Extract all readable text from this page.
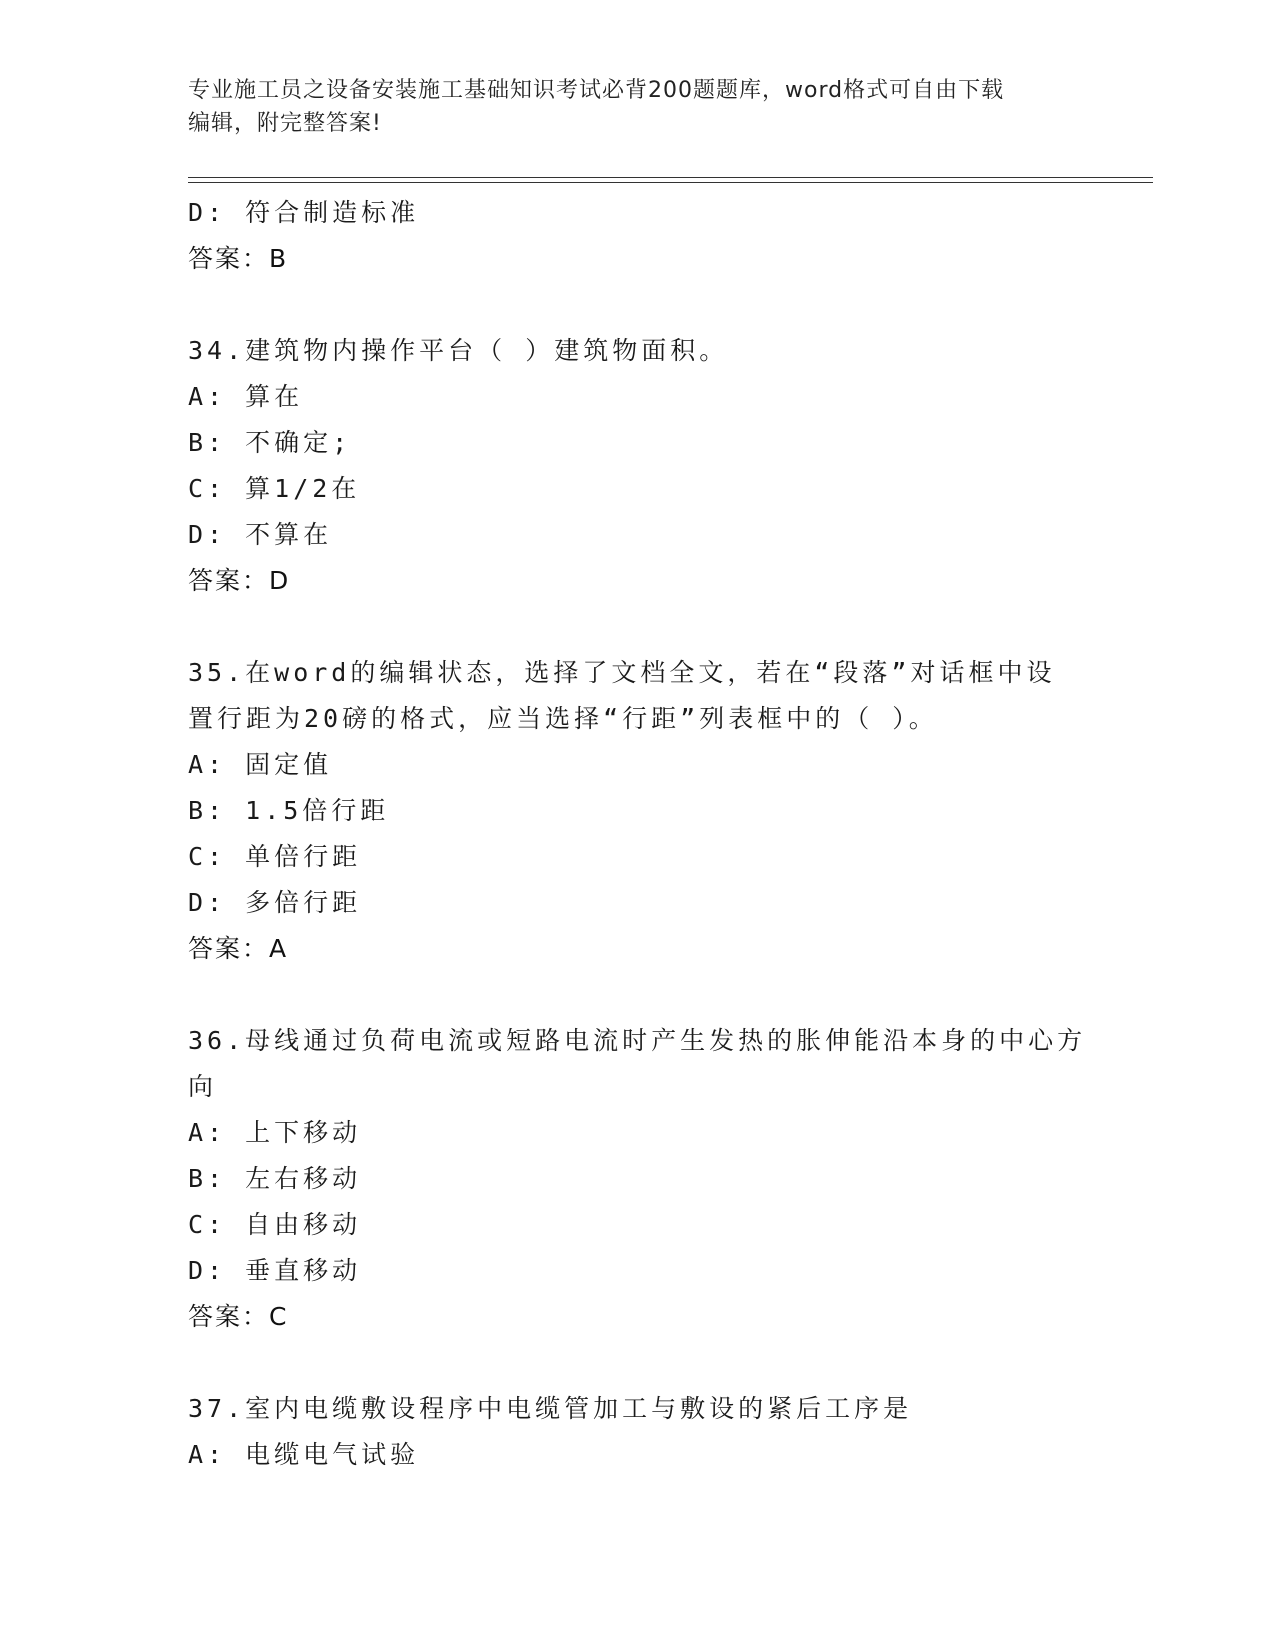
专业施工员之设备安装施工基础知识考试必背200题题库，word格式可自由下载
编辑，附完整答案!
D: 符合制造标准
答案：B
34.建筑物内操作平台（ ）建筑物面积。
A: 算在
B: 不确定;
C: 算1/2在
D: 不算在
答案：D
35.在word的编辑状态，选择了文档全文，若在“段落”对话框中设
置行距为20磅的格式，应当选择“行距”列表框中的（ ）。
A: 固定值
B: 1.5倍行距
C: 单倍行距
D: 多倍行距
答案：A
36.母线通过负荷电流或短路电流时产生发热的胀伸能沿本身的中心方
向
A: 上下移动
B: 左右移动
C: 自由移动
D: 垂直移动
答案：C
37.室内电缆敷设程序中电缆管加工与敷设的紧后工序是
A: 电缆电气试验
